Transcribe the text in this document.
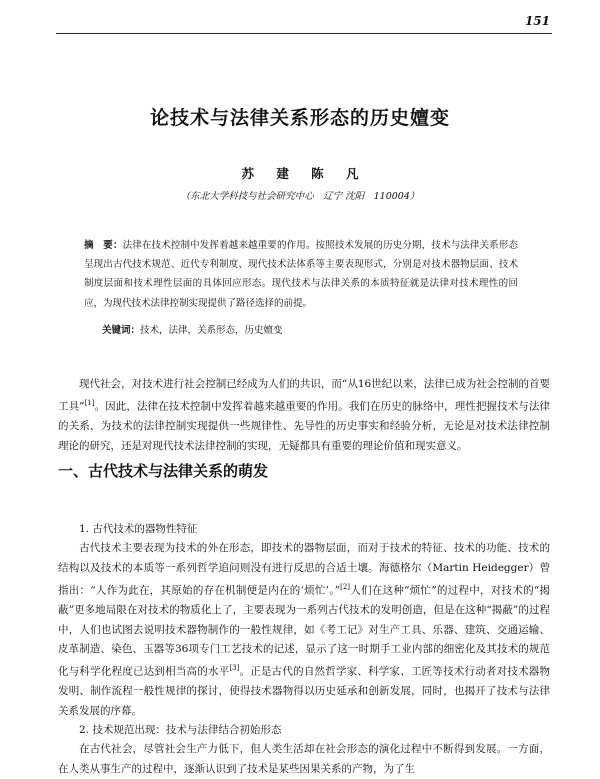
151
论技术与法律关系形态的历史嬗变
苏 建 陈 凡
（东北大学科技与社会研究中心　辽宁 沈阳　110004）
摘　要：法律在技术控制中发挥着越来越重要的作用。按照技术发展的历史分期，技术与法律关系形态呈现出古代技术规范、近代专利制度、现代技术法体系等主要表现形式，分别是对技术器物层面、技术制度层面和技术理性层面的具体回应形态。现代技术与法律关系的本质特征就是法律对技术理性的回应，为现代技术法律控制实现提供了路径选择的前提。
关键词：技术，法律，关系形态，历史嬗变

现代社会，对技术进行社会控制已经成为人们的共识，而“从16世纪以来，法律已成为社会控制的首要工具”[1]。因此，法律在技术控制中发挥着越来越重要的作用。我们在历史的脉络中，理性把握技术与法律的关系，为技术的法律控制实现提供一些规律性、先导性的历史事实和经验分析，无论是对技术法律控制理论的研究，还是对现代技术法律控制的实现，无疑都具有重要的理论价值和现实意义。

一、古代技术与法律关系的萌发

1. 古代技术的器物性特征

古代技术主要表现为技术的外在形态，即技术的器物层面，而对于技术的特征、技术的功能、技术的结构以及技术的本质等一系列哲学追问则没有进行反思的合适土壤。海德格尔（Martin Heidegger）曾指出：“人作为此在，其原始的存在机制便是内在的‘烦忙’。”[2]人们在这种“烦忙”的过程中，对技术的“揭蔽”更多地局限在对技术的物质化上了，主要表现为一系列古代技术的发明创造，但是在这种“揭蔽”的过程中，人们也试图去说明技术器物制作的一般性规律，如《考工记》对生产工具、乐器、建筑、交通运输、皮革制造、染色、玉器等36项专门工艺技术的记述，显示了这一时期手工业内部的细密化及其技术的规范化与科学化程度已达到相当高的水平[3]。正是古代的自然哲学家、科学家、工匠等技术行动者对技术器物发明、制作流程一般性规律的探讨，使得技术器物得以历史延承和创新发展，同时，也揭开了技术与法律关系发展的序幕。

2. 技术规范出现：技术与法律结合初始形态

在古代社会，尽管社会生产力低下，但人类生活却在社会形态的演化过程中不断得到发展。一方面，在人类从事生产的过程中，逐渐认识到了技术是某些因果关系的产物，为了生
